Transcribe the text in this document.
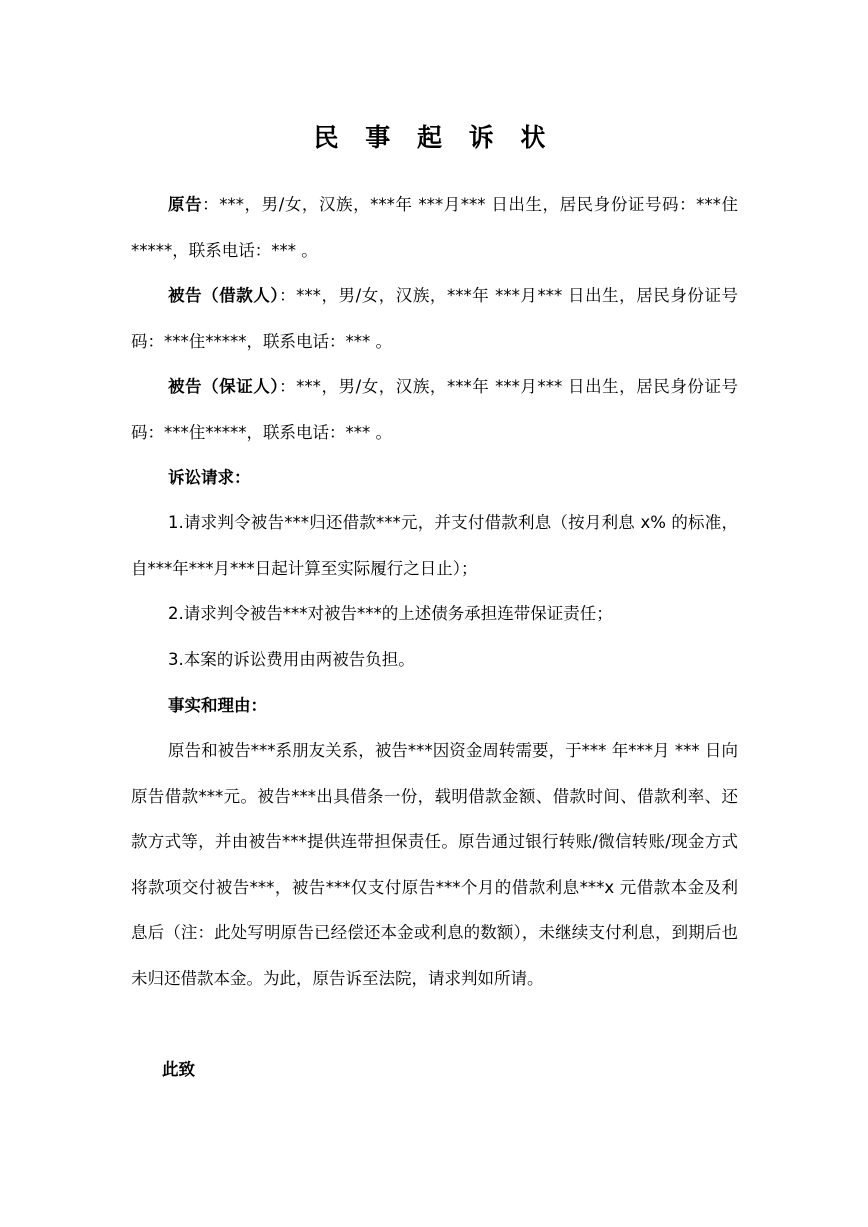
民 事 起 诉 状

原告：***，男/女，汉族，***年 ***月*** 日出生，居民身份证号码：***住*****，联系电话：*** 。

被告（借款人）：***，男/女，汉族，***年 ***月*** 日出生，居民身份证号码：***住*****，联系电话：*** 。

被告（保证人）：***，男/女，汉族，***年 ***月*** 日出生，居民身份证号码：***住*****，联系电话：*** 。

诉讼请求：

1.请求判令被告***归还借款***元，并支付借款利息（按月利息 x% 的标准，自***年***月***日起计算至实际履行之日止）；

2.请求判令被告***对被告***的上述债务承担连带保证责任；

3.本案的诉讼费用由两被告负担。

事实和理由：

原告和被告***系朋友关系，被告***因资金周转需要，于*** 年***月 *** 日向原告借款***元。被告***出具借条一份，载明借款金额、借款时间、借款利率、还款方式等，并由被告***提供连带担保责任。原告通过银行转账/微信转账/现金方式将款项交付被告***，被告***仅支付原告***个月的借款利息***x 元借款本金及利息后（注：此处写明原告已经偿还本金或利息的数额），未继续支付利息，到期后也未归还借款本金。为此，原告诉至法院，请求判如所请。

此致
